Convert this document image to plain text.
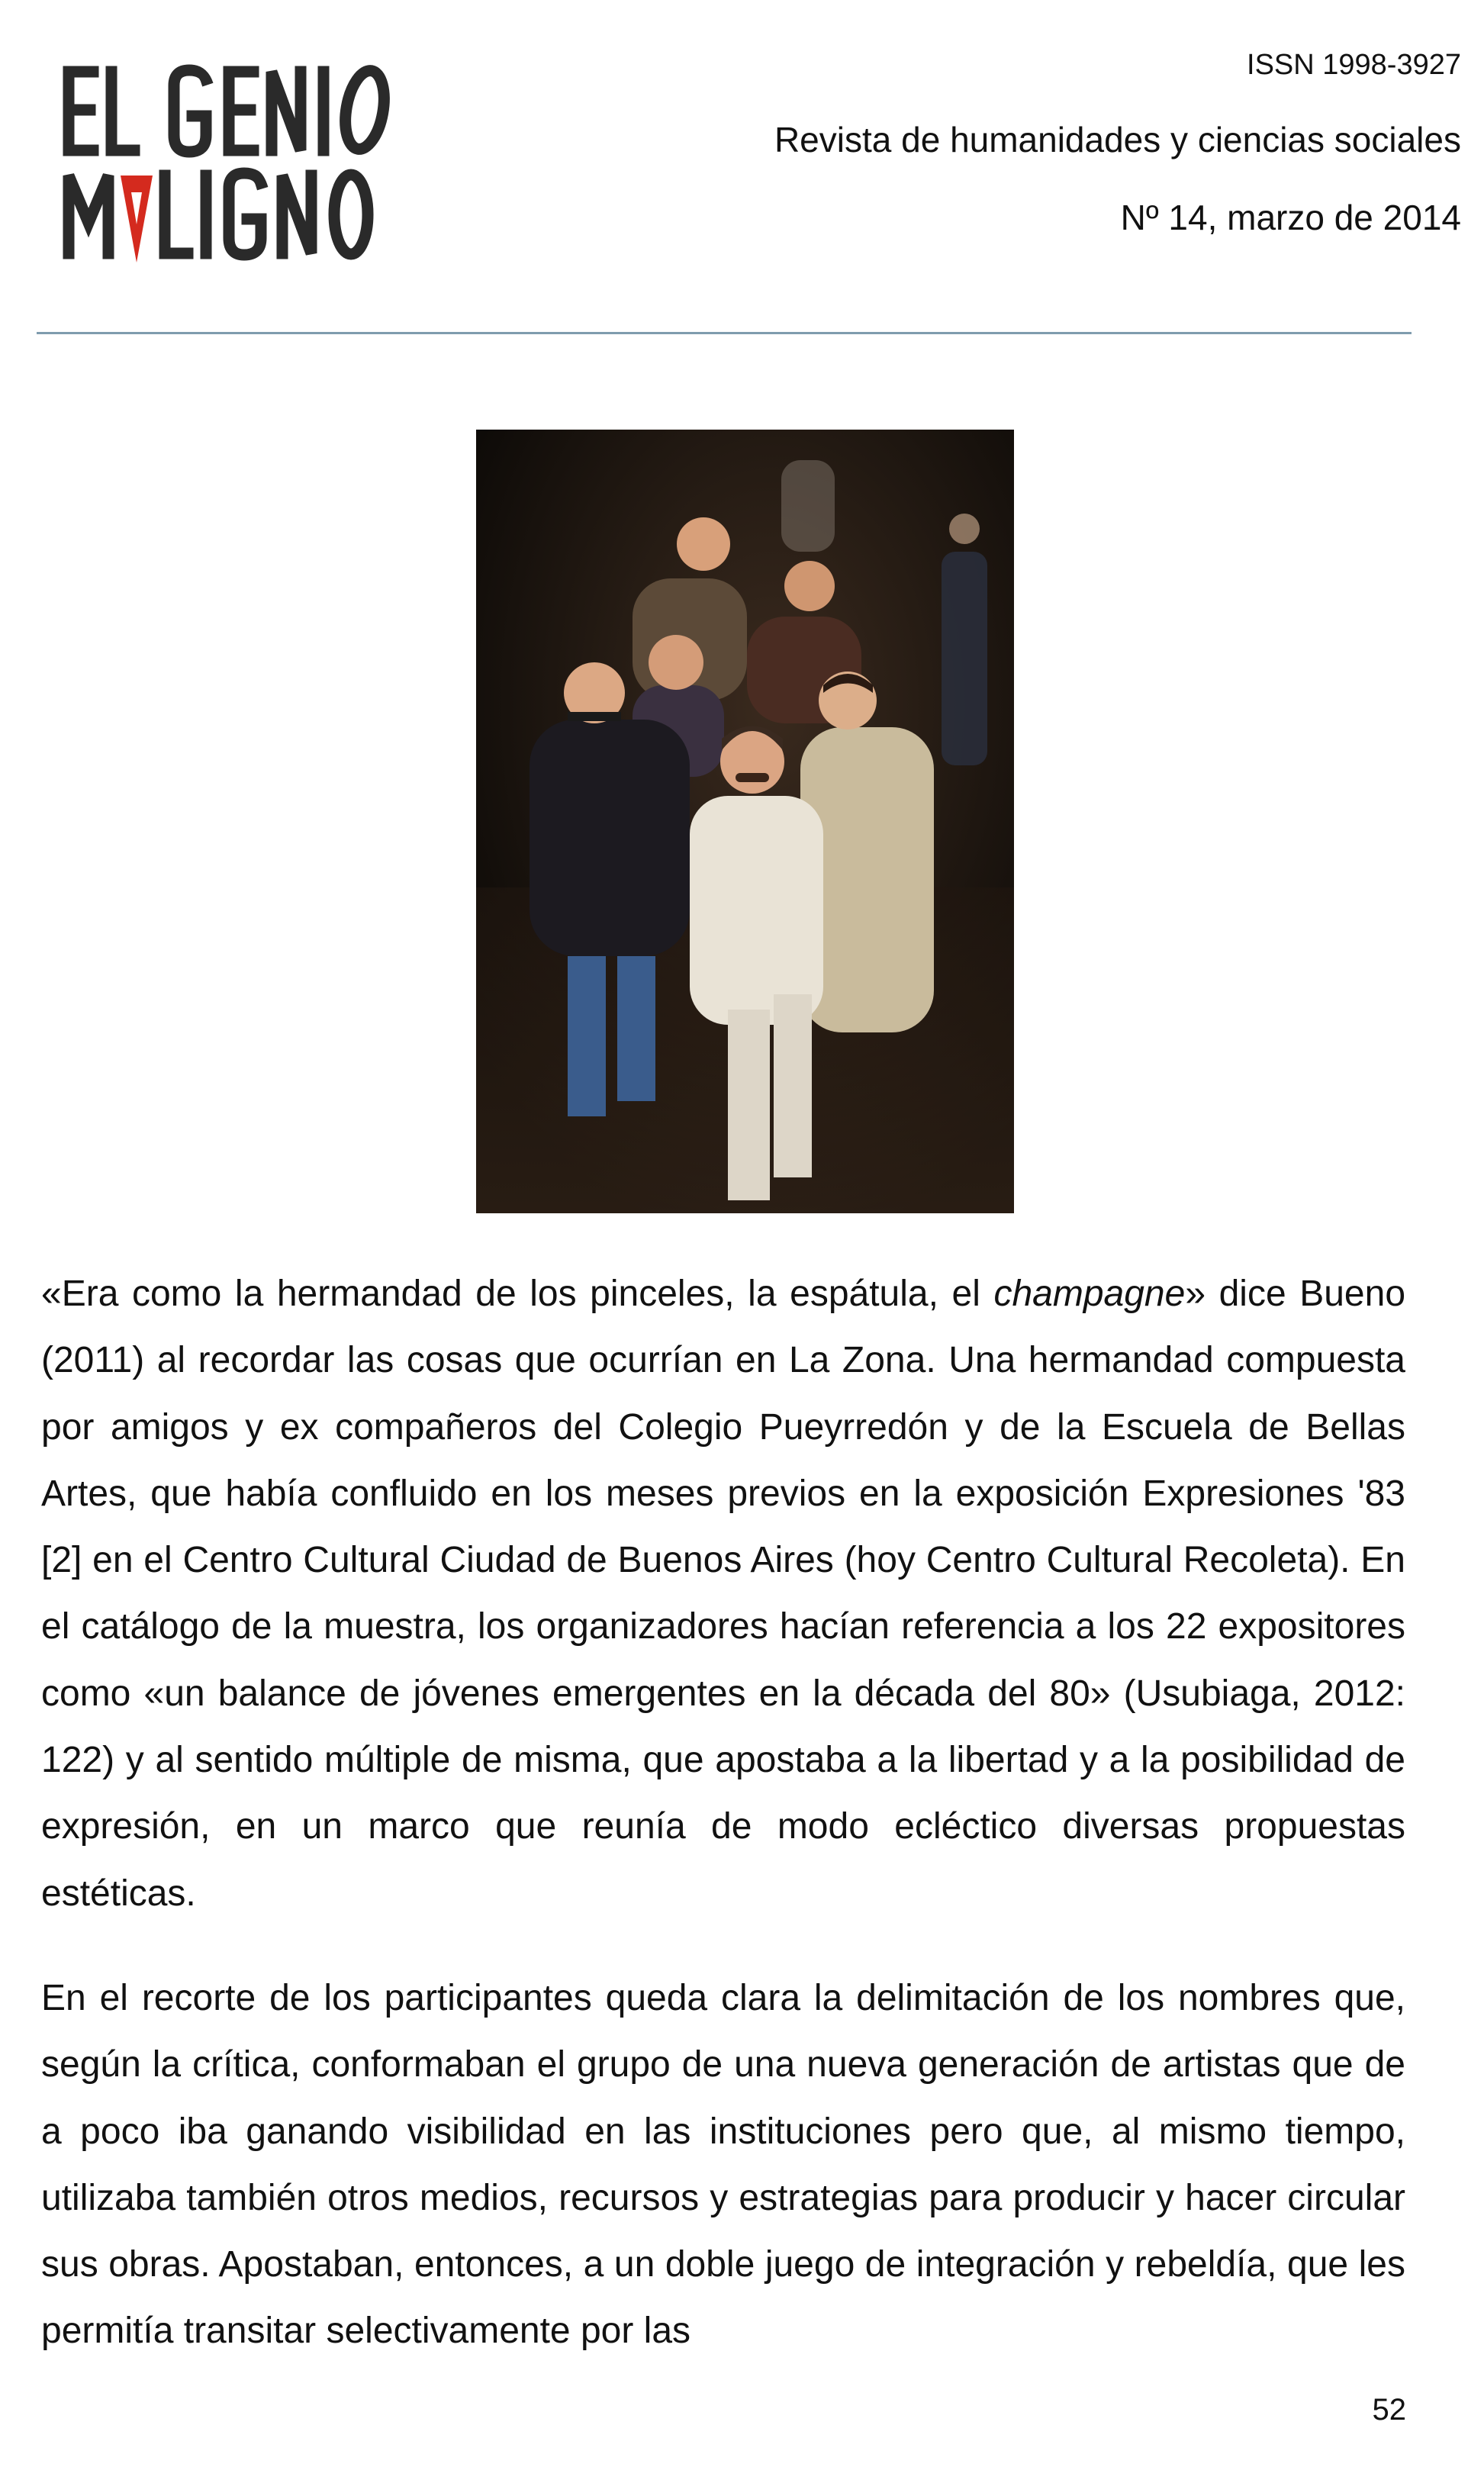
ISSN 1998-3927
Revista de humanidades y ciencias sociales
Nº 14, marzo de 2014

«Era como la hermandad de los pinceles, la espátula, el champagne» dice Bueno (2011) al recordar las cosas que ocurrían en La Zona. Una hermandad compuesta por amigos y ex compañeros del Colegio Pueyrredón y de la Escuela de Bellas Artes, que había confluido en los meses previos en la exposición Expresiones '83 [2] en el Centro Cultural Ciudad de Buenos Aires (hoy Centro Cultural Recoleta). En el catálogo de la muestra, los organizadores hacían referencia a los 22 expositores como «un balance de jóvenes emergentes en la década del 80» (Usubiaga, 2012: 122) y al sentido múltiple de misma, que apostaba a la libertad y a la posibilidad de expresión, en un marco que reunía de modo ecléctico diversas propuestas estéticas.

En el recorte de los participantes queda clara la delimitación de los nombres que, según la crítica, conformaban el grupo de una nueva generación de artistas que de a poco iba ganando visibilidad en las instituciones pero que, al mismo tiempo, utilizaba también otros medios, recursos y estrategias para producir y hacer circular sus obras. Apostaban, entonces, a un doble juego de integración y rebeldía, que les permitía transitar selectivamente por las

52
